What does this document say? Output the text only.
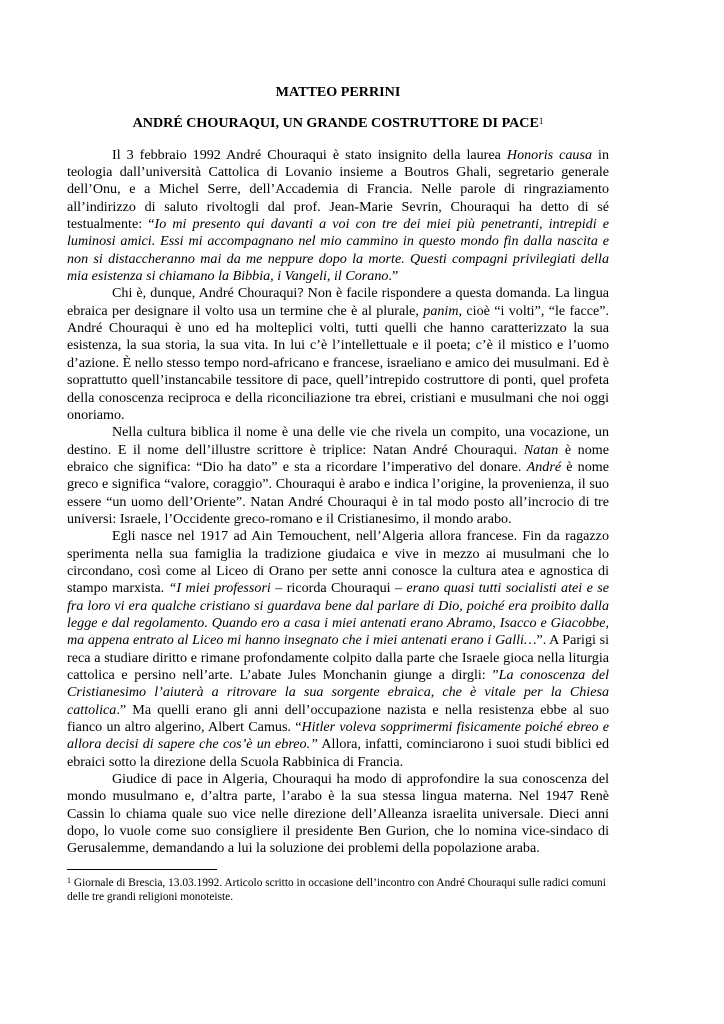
MATTEO PERRINI
ANDRÉ CHOURAQUI, UN GRANDE COSTRUTTORE DI PACE$^1$

Il 3 febbraio 1992 André Chouraqui è stato insignito della laurea Honoris causa in teologia dall’università Cattolica di Lovanio insieme a Boutros Ghali, segretario generale dell’Onu, e a Michel Serre, dell’Accademia di Francia. Nelle parole di ringraziamento all’indirizzo di saluto rivoltogli dal prof. Jean-Marie Sevrin, Chouraqui ha detto di sé testualmente: “Io mi presento qui davanti a voi con tre dei miei più penetranti, intrepidi e luminosi amici. Essi mi accompagnano nel mio cammino in questo mondo fin dalla nascita e non si distaccheranno mai da me neppure dopo la morte. Questi compagni privilegiati della mia esistenza si chiamano la Bibbia, i Vangeli, il Corano.”

Chi è, dunque, André Chouraqui? Non è facile rispondere a questa domanda. La lingua ebraica per designare il volto usa un termine che è al plurale, panim, cioè “i volti”, “le facce”. André Chouraqui è uno ed ha molteplici volti, tutti quelli che hanno caratterizzato la sua esistenza, la sua storia, la sua vita. In lui c’è l’intellettuale e il poeta; c’è il mistico e l’uomo d’azione. È nello stesso tempo nord-africano e francese, israeliano e amico dei musulmani. Ed è soprattutto quell’instancabile tessitore di pace, quell’intrepido costruttore di ponti, quel profeta della conoscenza reciproca e della riconciliazione tra ebrei, cristiani e musulmani che noi oggi onoriamo.

Nella cultura biblica il nome è una delle vie che rivela un compito, una vocazione, un destino. E il nome dell’illustre scrittore è triplice: Natan André Chouraqui. Natan è nome ebraico che significa: “Dio ha dato” e sta a ricordare l’imperativo del donare. André è nome greco e significa “valore, coraggio”. Chouraqui è arabo e indica l’origine, la provenienza, il suo essere “un uomo dell’Oriente”. Natan André Chouraqui è in tal modo posto all’incrocio di tre universi: Israele, l’Occidente greco-romano e il Cristianesimo, il mondo arabo.

Egli nasce nel 1917 ad Ain Temouchent, nell’Algeria allora francese. Fin da ragazzo sperimenta nella sua famiglia la tradizione giudaica e vive in mezzo ai musulmani che lo circondano, così come al Liceo di Orano per sette anni conosce la cultura atea e agnostica di stampo marxista. “I miei professori – ricorda Chouraqui – erano quasi tutti socialisti atei e se fra loro vi era qualche cristiano si guardava bene dal parlare di Dio, poiché era proibito dalla legge e dal regolamento. Quando ero a casa i miei antenati erano Abramo, Isacco e Giacobbe, ma appena entrato al Liceo mi hanno insegnato che i miei antenati erano i Galli…”. A Parigi si reca a studiare diritto e rimane profondamente colpito dalla parte che Israele gioca nella liturgia cattolica e persino nell’arte. L’abate Jules Monchanin giunge a dirgli: ”La conoscenza del Cristianesimo l’aiuterà a ritrovare la sua sorgente ebraica, che è vitale per la Chiesa cattolica.” Ma quelli erano gli anni dell’occupazione nazista e nella resistenza ebbe al suo fianco un altro algerino, Albert Camus. “Hitler voleva sopprimermi fisicamente poiché ebreo e allora decisi di sapere che cos’è un ebreo.” Allora, infatti, cominciarono i suoi studi biblici ed ebraici sotto la direzione della Scuola Rabbinica di Francia.

Giudice di pace in Algeria, Chouraqui ha modo di approfondire la sua conoscenza del mondo musulmano e, d’altra parte, l’arabo è la sua stessa lingua materna. Nel 1947 Renè Cassin lo chiama quale suo vice nelle direzione dell’Alleanza israelita universale. Dieci anni dopo, lo vuole come suo consigliere il presidente Ben Gurion, che lo nomina vice-sindaco di Gerusalemme, demandando a lui la soluzione dei problemi della popolazione araba.

$^1$ Giornale di Brescia, 13.03.1992. Articolo scritto in occasione dell’incontro con André Chouraqui sulle radici comuni delle tre grandi religioni monoteiste.
